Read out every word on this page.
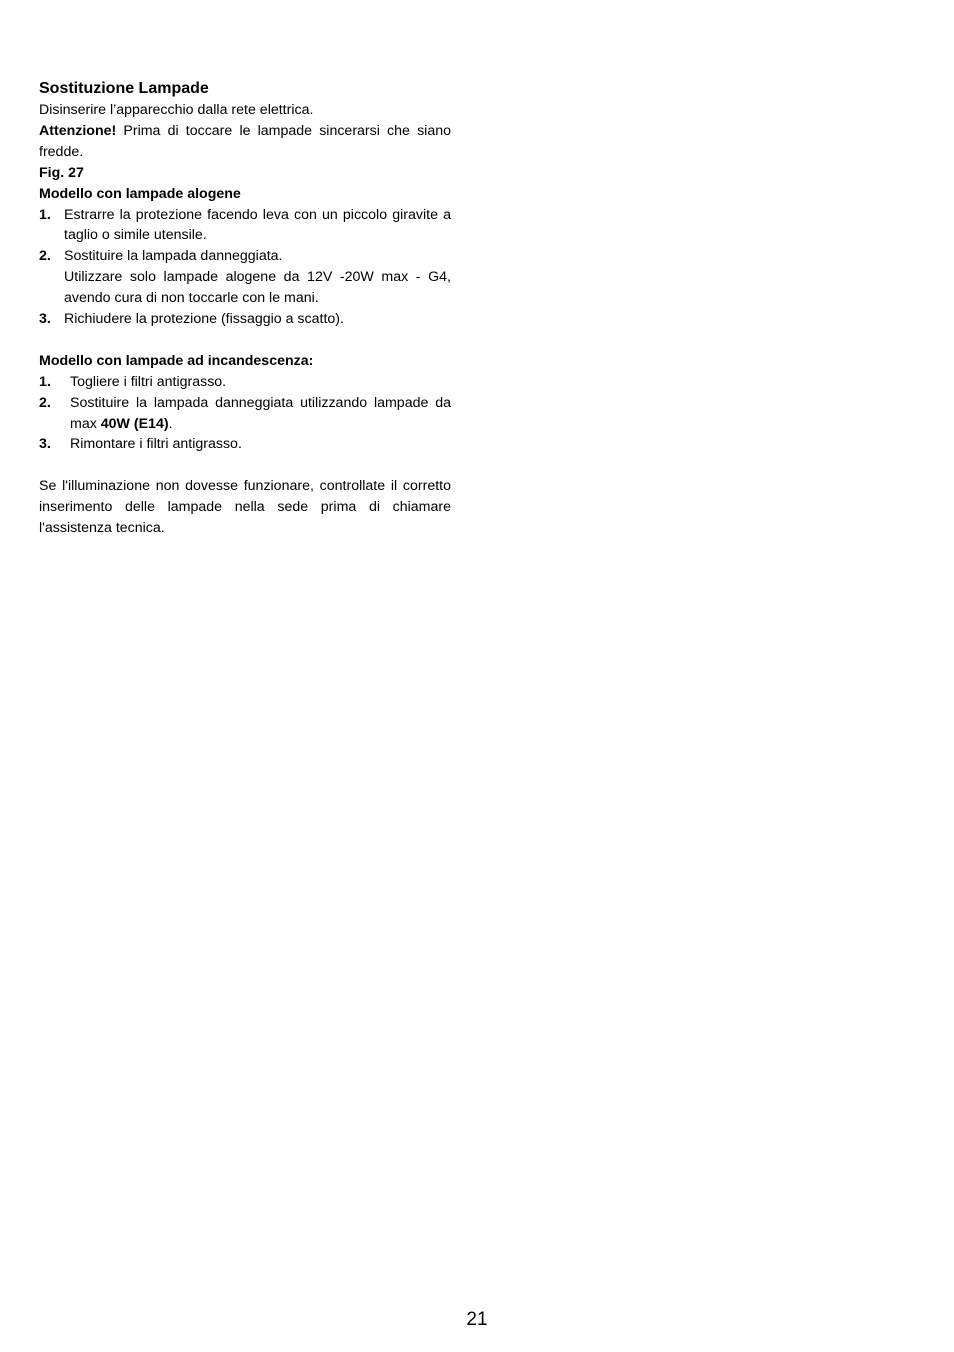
Sostituzione Lampade

Disinserire l’apparecchio dalla rete elettrica.

Attenzione! Prima di toccare le lampade sincerarsi che siano fredde.

Fig. 27

Modello con lampade alogene

1. Estrarre la protezione facendo leva con un piccolo giravite a taglio o simile utensile.
2. Sostituire la lampada danneggiata.
Utilizzare solo lampade alogene da 12V -20W max - G4, avendo cura di non toccarle con le mani.
3. Richiudere la protezione (fissaggio a scatto).

Modello con lampade ad incandescenza:

1. Togliere i filtri antigrasso.
2. Sostituire la lampada danneggiata utilizzando lampade da max 40W (E14).
3. Rimontare i filtri antigrasso.

Se l'illuminazione non dovesse funzionare, controllate il corretto inserimento delle lampade nella sede prima di chiamare l'assistenza tecnica.

21
